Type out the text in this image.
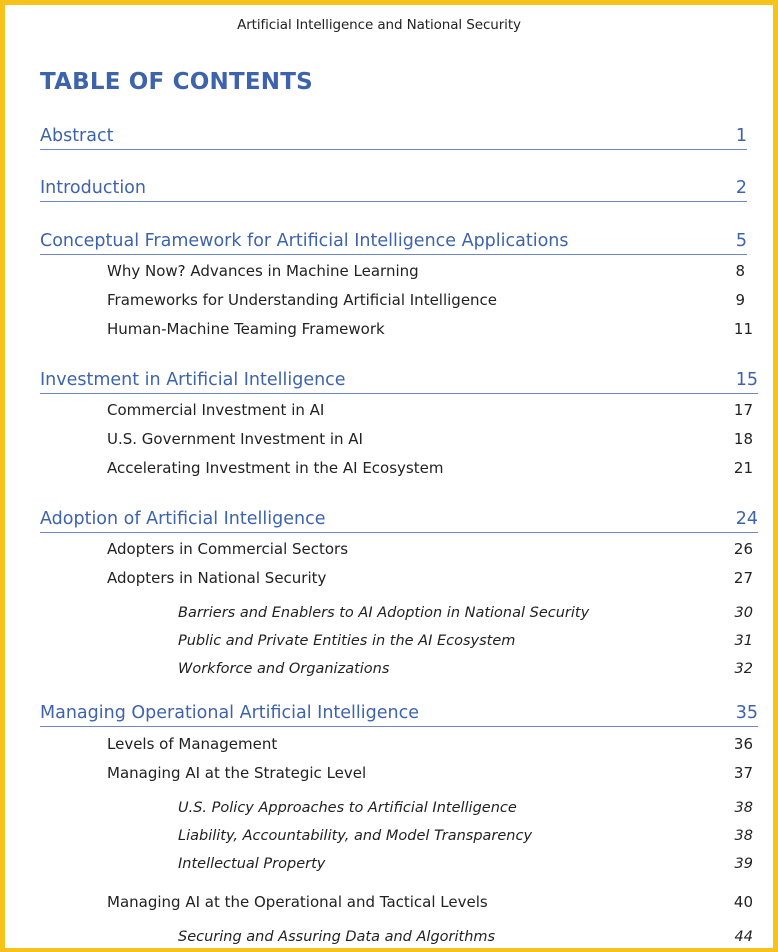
Artificial Intelligence and National Security
TABLE OF CONTENTS
Abstract	1
Introduction	2
Conceptual Framework for Artificial Intelligence Applications	5
Why Now? Advances in Machine Learning	8
Frameworks for Understanding Artificial Intelligence	9
Human-Machine Teaming Framework	11
Investment in Artificial Intelligence	15
Commercial Investment in AI	17
U.S. Government Investment in AI	18
Accelerating Investment in the AI Ecosystem	21
Adoption of Artificial Intelligence	24
Adopters in Commercial Sectors	26
Adopters in National Security	27
Barriers and Enablers to AI Adoption in National Security	30
Public and Private Entities in the AI Ecosystem	31
Workforce and Organizations	32
Managing Operational Artificial Intelligence	35
Levels of Management	36
Managing AI at the Strategic Level	37
U.S. Policy Approaches to Artificial Intelligence	38
Liability, Accountability, and Model Transparency	38
Intellectual Property	39
Managing AI at the Operational and Tactical Levels	40
Securing and Assuring Data and Algorithms	44
